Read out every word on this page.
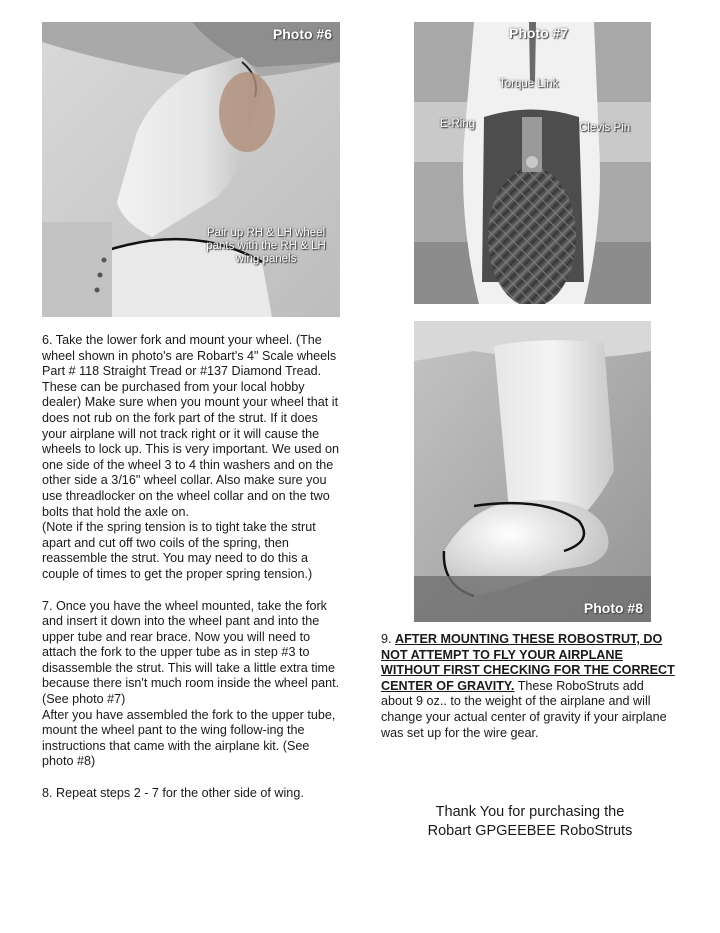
Photo #6
Pair up RH & LH wheel
pants with the RH & LH
wing panels
Photo #7
Torque Link
E-Ring	Clevis Pin
Photo #8

6. Take the lower fork and mount your wheel. (The wheel shown in photo's are Robart's 4" Scale wheels Part # 118 Straight Tread or #137 Diamond Tread. These can be purchased from your local hobby dealer) Make sure when you mount your wheel that it does not rub on the fork part of the strut. If it does your airplane will not track right or it will cause the wheels to lock up. This is very important. We used on one side of the wheel 3 to 4 thin washers and on the other side a 3/16" wheel collar. Also make sure you use threadlocker on the wheel collar and on the two bolts that hold the axle on.

(Note if the spring tension is to tight take the strut apart and cut off two coils of the spring, then reassemble the strut. You may need to do this a couple of times to get the proper spring tension.)

7. Once you have the wheel mounted, take the fork and insert it down into the wheel pant and into the upper tube and rear brace. Now you will need to attach the fork to the upper tube as in step #3 to disassemble the strut. This will take a little extra time because there isn't much room inside the wheel pant. (See photo #7)

After you have assembled the fork to the upper tube, mount the wheel pant to the wing follow-ing the instructions that came with the airplane kit. (See photo #8)

8. Repeat steps 2 - 7 for the other side of wing.

9. AFTER MOUNTING THESE ROBOSTRUT, DO NOT ATTEMPT TO FLY YOUR AIRPLANE WITHOUT FIRST CHECKING FOR THE CORRECT CENTER OF GRAVITY. These RoboStruts add about 9 oz.. to the weight of the airplane and will change your actual center of gravity if your airplane was set up for the wire gear.

Thank You for purchasing the
Robart GPGEEBEE RoboStruts
